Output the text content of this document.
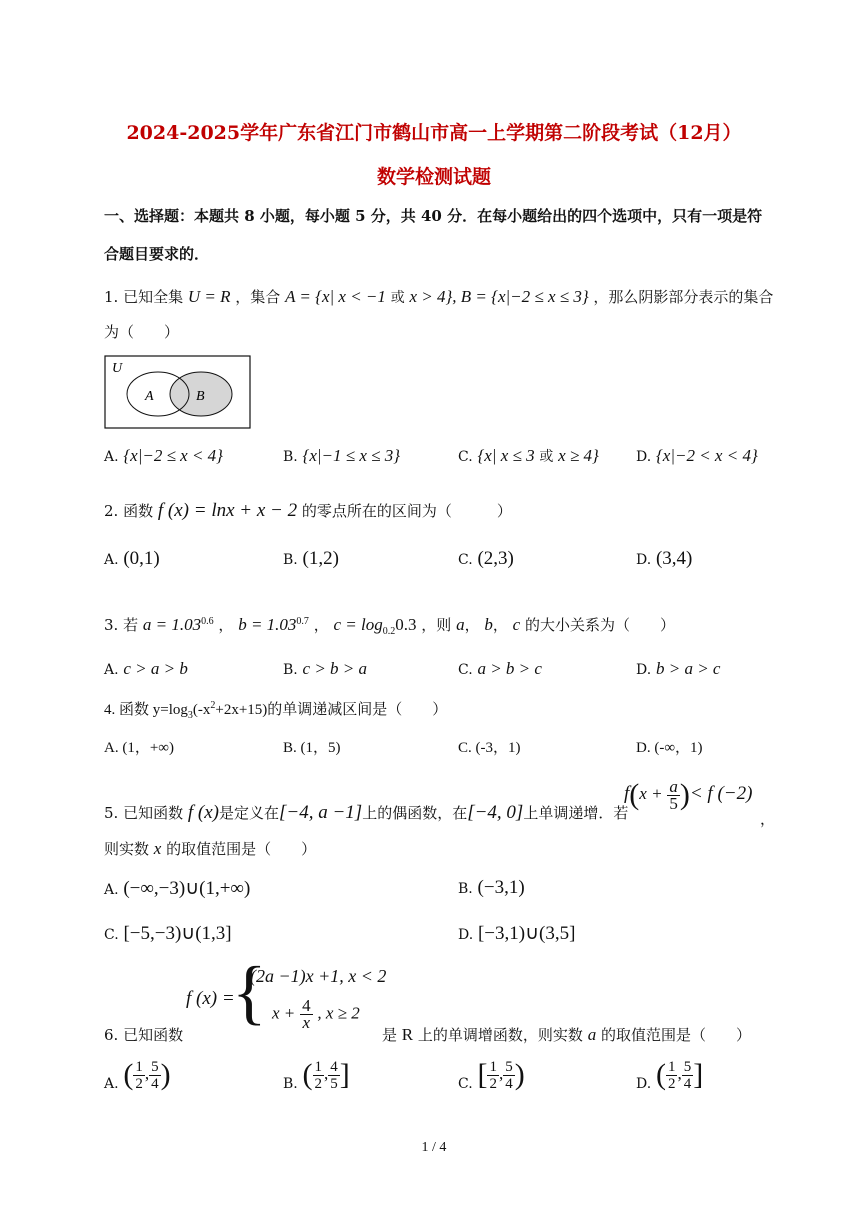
2024-2025学年广东省江门市鹤山市高一上学期第二阶段考试（12月）
数学检测试题
一、选择题：本题共 8 小题，每小题 5 分，共 40 分．在每小题给出的四个选项中，只有一项是符
合题目要求的．
1. 已知全集 U = R ，集合 A = {x| x < −1 或 x > 4}, B = {x|−2 ≤ x ≤ 3} ，那么阴影部分表示的集合
为（　　）
U
A	B
A. {x|−2 ≤ x < 4}	B. {x|−1 ≤ x ≤ 3}	C. {x| x ≤ 3 或 x ≥ 4}	D. {x|−2 < x < 4}
2. 函数 f (x) = lnx + x − 2 的零点所在的区间为（　　　）
A. (0,1)	B. (1,2)	C. (2,3)	D. (3,4)
3. 若 $a = 1.03^{0.6}$ ， $b = 1.03^{0.7}$ ， $c = \log_{0.2}0.3$ ，则 a， b， c 的大小关系为（　　）
A. c > a > b	B. c > b > a	C. a > b > c	D. b > a > c
4. 函数 $y=\log_3(-x^2+2x+15)$的单调递减区间是（　　）
A. (1，+∞)	B. (1，5)	C. (-3，1)	D. (-∞，1)
5. 已知函数 f (x)是定义在[−4, a −1]上的偶函数，在[−4, 0]上单调递增．若
$f(x + \frac{a}{5}$ )< f (−2)
，
则实数 x 的取值范围是（　　）
A. (−∞,−3)∪(1,+∞)	B. (−3,1)
C. [−5,−3)∪(1,3]	D. [−3,1)∪(3,5]
6. 已知函数
f (x) =
{
(2a −1)x +1, x < 2
$x + \frac{4}{x}$ , x ≥ 2
是 R 上的单调增函数，则实数 a 的取值范围是（　　）
A. ( $\frac{1}{2}$ , $\frac{5}{4}$ )	B. ( $\frac{1}{2}$ , $\frac{4}{5}$ ]	C. [ $\frac{1}{2}$ , $\frac{5}{4}$ )	D. ( $\frac{1}{2}$ , $\frac{5}{4}$ ]
1 / 4
